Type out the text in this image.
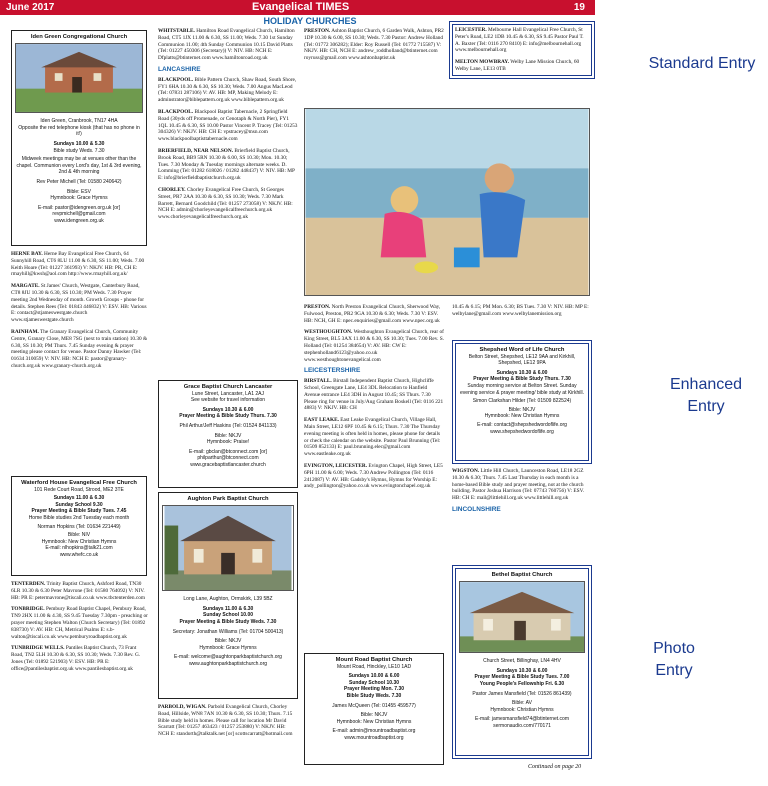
June 2017	Evangelical TIMES	19
HOLIDAY CHURCHES
Iden Green Congregational Church
Iden Green, Cranbrook, TN17 4HA
Opposite the red telephone kiosk (that has no phone in it!)
Sundays 10.00 & 5.30
Bible study Weds. 7.30
Midweek meetings may be at venues other than the chapel. Communion every Lord's day, 1st & 3rd evening, 2nd & 4th morning
Rev Peter Michell (Tel: 01580 240642)
Bible: ESV
Hymnbook: Grace Hymns
E-mail: pastor@idengreen.org.uk [or] revpmichell@gmail.com
www.idengreen.org.uk
HERNE BAY. Herne Bay Evangelical Free Church, 64 Sunnyhill Road, CT6 8LU 11.00 & 6.30, SS 11.00; Weds. 7.00 Keith Hoare (Tel: 01227 361993) V: NKJV. HB: PR, CH E: rmayhill@kwsh@aol.com http://www.rmayhill.org.uk/
MARGATE. St James' Church, Westgate, Canterbury Road, CT8 8JU 10.30 & 6.30, SS 10.30; PM Weds. 7.30 Prayer meeting 2nd Wednesday of month. Growth Groups - phone for details. Stephen Rees (Tel: 01843 446832) V: ESV. HB: Various E: contact@stjameswestgate.church www.stjameswestgate.church
RAINHAM. The Granary Evangelical Church, Community Centre, Granary Close, ME8 7SG (next to train station) 10.30 & 6.30, SS 10.30; PM Thurs. 7.45 Sunday evening & prayer meeting please contact for venue. Pastor Danny Hawker (Tel: 01634 310059) V: NIV. HB: NCH E: pastor@granary-church.org.uk www.granary-church.org.uk
Waterford House Evangelical Free Church
101 Rede Court Road, Strood, ME2 3TE
Sundays 11.00 & 6.30
Sunday School 9.30
Prayer Meeting & Bible Study Tues. 7.45
Home Bible studies 2nd Tuesday each month
Norman Hopkins (Tel: 01634 221449)
Bible: NIV
Hymnbook: New Christian Hymns
E-mail: nlhopkins@talk21.com
www.whefc.co.uk
TENTERDEN. Trinity Baptist Church, Ashford Road, TN30 6LR 10.30 & 6.30 Peter Mavrone (Tel: 01580 764092) V: NIV. HB: PR E: petermavrone@tiscali.co.uk www.tbctenterden.com
TONBRIDGE. Pembury Road Baptist Chapel, Pembury Road, TN9 2HX 11.00 & 4.30, SS 9.45 Tuesday 7.30pm - preaching or prayer meeting Stephen Walton (Church Secretary) (Tel: 01892 838730) V: AV. HB: CH, Metrical Psalms E: s.b-walton@tiscali.co.uk www.pemburyroadbaptist.org.uk
TUNBRIDGE WELLS. Pantiles Baptist Church, 73 Frant Road, TN2 5LH 10.30 & 6.30, SS 10.30; Weds. 7.30 Rev. G. Jones (Tel: 01892 521903) V: ESV. HB: PR E: office@pantilesbaptist.org.uk www.pantilesbaptist.org.uk
WHITSTABLE. Hamilton Road Evangelical Church, Hamilton Road, CT5 1JX 11.00 & 6.30, SS 11.00; Weds. 7.30 1st Sunday Communion 11.00; 4th Sunday Communion 10.15 David Platts (Tel: 01227 450306 (Secretary)) V: NIV. HB: NCH E: Dfplatts@btinternet.com www.hamiltonroad.org.uk
LANCASHIRE
BLACKPOOL. Bible Pattern Church, Shaw Road, South Shore, FY1 6HA 10.30 & 6.30, SS 10.30; Weds. 7.00 Angus MacLeod (Tel: 07831 287106) V: AV. HB: MP, Making Melody E: adminstrator@biblepattern.org.uk www.biblepattern.org.uk
BLACKPOOL. Blackpool Baptist Tabernacle, 2 Springfield Road (30yds off Promenade, or Cenotaph & North Pier), FY1 1QL 10.45 & 6.30, SS 10.00 Pastor Vincent P. Tracey (Tel: 01253 304326) V: NKJV. HB: CH E: vpstracey@msn.com www.blackpoolbaptisttabernacle.com
BRIERFIELD, NEAR NELSON. Brierfield Baptist Church, Brook Road, BB9 5RN 10.30 & 6.00, SS 10.30; Mon. 10.30; Tues. 7.30 Monday & Tuesday mornings alternate weeks. D. Lomming (Tel: 01282 618026 / 01282 448437) V: NIV. HB: MP E: info@brierfieldbaptistchurch.org.uk
CHORLEY. Chorley Evangelical Free Church, St Georges Street, PR7 2AA 10.30 & 6.30, SS 10.30; Weds. 7.30 Mark Barrett, Bernard Goodchild (Tel: 01257 273058) V: NKJV. HB: NCH E: admin@chorleyevangelicalfreechurch.org.uk www.chorleyevangelicalfreechurch.org.uk
Grace Baptist Church Lancaster
Lune Street, Lancaster, LA1 2AJ
See website for travel information
Sundays 10.30 & 6.00
Prayer Meeting & Bible Study Thurs. 7.30
Phil Arthur/Jeff Haskins (Tel: 01524 841133)
Bible: NKJV
Hymnbook: Praise!
E-mail: gbclan@btconnect.com [or] philparthur@btconnect.com
www.gracebaptistlancaster.church
Aughton Park Baptist Church
Long Lane, Aughton, Ormskirk, L39 5BZ
Sundays 11.00 & 6.30
Sunday School 10.00
Prayer Meeting & Bible Study Weds. 7.30
Secretary: Jonathan Williams (Tel: 01704 500413)
Bible: NKJV
Hymnbook: Grace Hymns
E-mail: welcome@aughtonparkbaptistchurch.org
www.aughtonparkbaptistchurch.org
PARBOLD, WIGAN. Parbold Evangelical Church, Chorley Road, Hillside, WN8 7AN 10.30 & 6.30, SS 10.30; Thurs. 7.15 Bible study held in homes. Please call for location Mr David Scarratt (Tel: 01257 463423 / 01257 253880) V: NKJV. HB: NCH E: standorth@talktalk.net [or] scottscarratt@hotmail.com
PRESTON. Ashton Baptist Church, 6 Garden Walk, Ashton, PR2 1DP 10.30 & 6.00, SS 10.30; Weds. 7.30 Pastor: Andrew Holland (Tel: 01772 306282); Elder: Roy Russell (Tel: 01772 715587) V: NKJV. HB: CH, NCH E: andrew_roddholland@btinternet.com royruss@gmail.com www.ashtonbaptist.uk
PRESTON. North Preston Evangelical Church, Sherwood Way, Fulwood, Preston, PR2 9GA 10.30 & 6.30; Weds. 7.30 V: ESV. HB: NCH, GH E: npec.enquiries@gmail.com www.npec.org.uk
WESTHOUGHTON. Westhoughton Evangelical Church, rear of King Street, BL5 3AX 11.00 & 6.30, SS 10.30; Tues. 7.00 Rev. S. Holland (Tel: 01254 384654) V: AV. HB: CW E: stephenholland6123@yahoo.co.uk www.westhoughtonevangelical.com
LEICESTERSHIRE
BIRSTALL. Birstall Independent Baptist Church, Highcliffe School, Greengate Lane, LE4 3DL Relocation to Hanfield Avenue entrance LE4 3DH in August 10.45; SS Thurs. 7.30 Please ring for venue in July/Aug Graham Boskell (Tel: 0116 221 4883) V: NKJV. HB: CH
EAST LEAKE. East Leake Evangelical Church, Village Hall, Main Street, LE12 6PF 10.45 & 6.15; Thurs. 7.30 The Thursday evening meeting is often held in homes, please phone for details or check the calendar on the website. Pastor Paul Brunning (Tel: 01509 852133) E: paul.brunning.elec@gmail.com www.eastleake.org.uk
EVINGTON, LEICESTER. Evington Chapel, High Street, LE5 6PH 11.00 & 6.00; Weds. 7.30 Andrew Pollington (Tel: 0116 2412087) V: AV. HB: Gadsby's Hymns, Hymns for Worship E: andy_pollington@yahoo.co.uk www.evingtonchapel.org.uk
Mount Road Baptist Church
Mount Road, Hinckley, LE10 1AD
Sundays 10.00 & 6.00
Sunday School 10.30
Prayer Meeting Mon. 7.30
Bible Study Weds. 7.30
James McQueen (Tel: 01455 459577)
Bible: NKJV
Hymnbook: New Christian Hymns
E-mail: admin@mountroadbaptist.org
www.mountroadbaptist.org
LEICESTER. Melbourne Hall Evangelical Free Church, St Peter's Road, LE2 1DB 10.45 & 6.30, SS 9.45 Pastor Paul T. A. Baxter (Tel: 0116 270 8410) E: info@melbournehall.org www.melbournehall.org
MELTON MOWBRAY. Welby Lane Mission Church, 60 Welby Lane, LE13 0TB
10.45 & 6.15; PM Mon. 6.30; BS Tues. 7.30 V: NIV. HB: MP E: welbylane@gmail.com www.welbylanemission.org
Shepshed Word of Life Church
Belton Street, Shepshed, LE12 9AA and Kirkhill, Shepshed, LE12 9PA
Sundays 10.30 & 6.00
Prayer Meeting & Bible Study Thurs. 7.30
Sunday morning service at Belton Street. Sunday evening service & prayer meeting/ bible study at Kirkhill.
Simon Clarkshan Hilder (Tel: 01509 822524)
Bible: NKJV
Hymnbook: New Christian Hymns
E-mail: contact@shepshedwordoflife.org
www.shepshedwordoflife.org
WIGSTON. Little Hill Church, Launceston Road, LE18 2GZ 10.30 & 6.30; Thurs. 7.45 Last Thursday in each month is a home-based Bible study and prayer meeting, not at the church building. Pastor Joshua Harrison (Tel: 07743 760756) V: ESV. HB: CH E: mail@littlehill.org.uk www.littlehill.org.uk
LINCOLNSHIRE
Bethel Baptist Church
Church Street, Billinghay, LN4 4HV
Sundays 10.30 & 6.00
Prayer Meeting & Bible Study Tues. 7.00
Young People's Fellowship Fri. 6.30
Pastor James Mansfield (Tel: 01526 861439)
Bible: AV
Hymnbook: Christian Hymns
E-mail: jamesmansfield74@btinternet.com
sermonaudio.com/770171
Continued on page 20
Standard Entry
Enhanced Entry
Photo Entry
